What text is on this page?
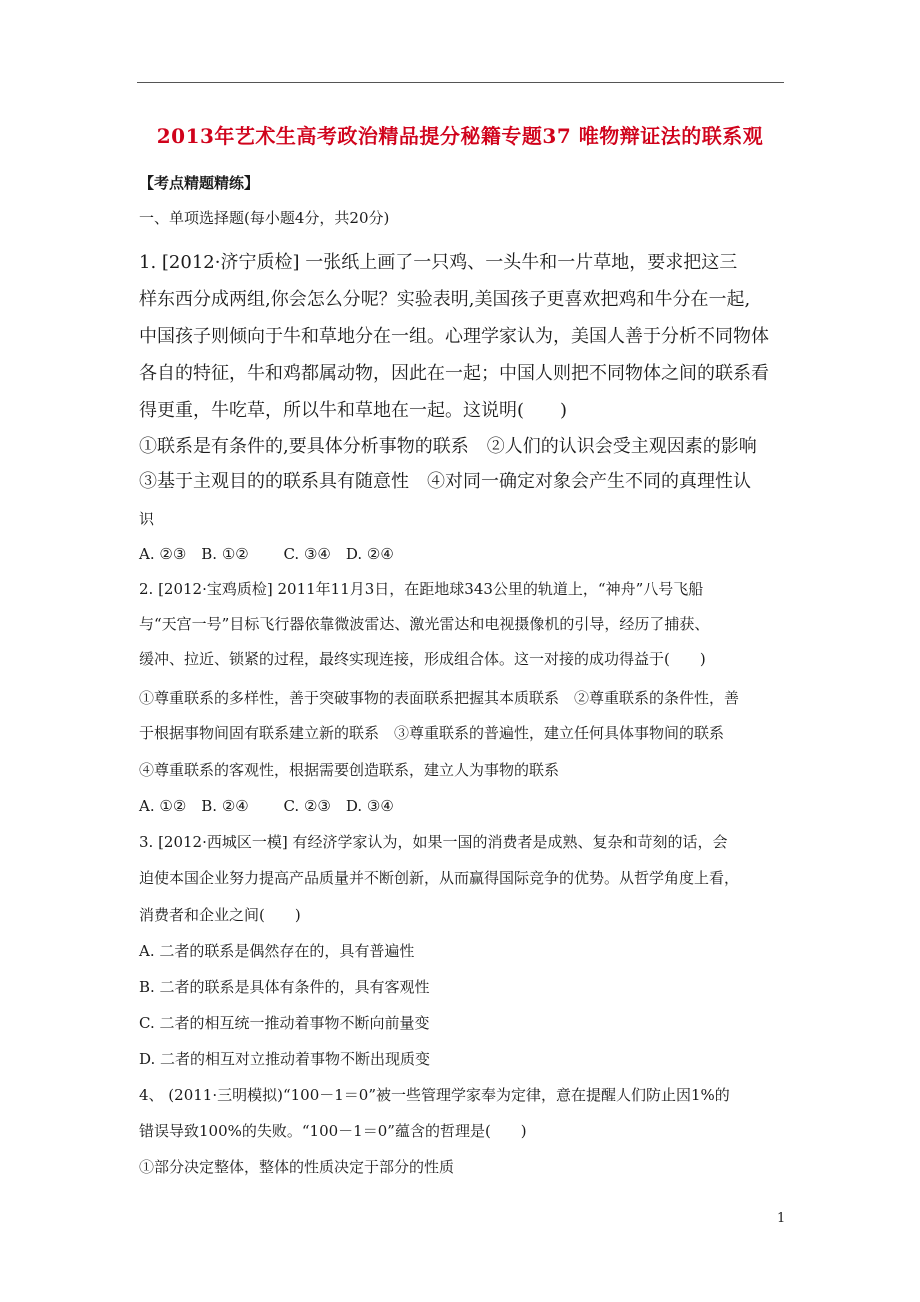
2013年艺术生高考政治精品提分秘籍专题37 唯物辩证法的联系观
【考点精题精练】
一、单项选择题(每小题4分，共20分)
1. [2012·济宁质检] 一张纸上画了一只鸡、一头牛和一片草地，要求把这三
样东西分成两组,你会怎么分呢？实验表明,美国孩子更喜欢把鸡和牛分在一起,
中国孩子则倾向于牛和草地分在一组。心理学家认为，美国人善于分析不同物体
各自的特征，牛和鸡都属动物，因此在一起；中国人则把不同物体之间的联系看
得更重，牛吃草，所以牛和草地在一起。这说明(　　)
①联系是有条件的,要具体分析事物的联系　②人们的认识会受主观因素的影响
③基于主观目的的联系具有随意性　④对同一确定对象会产生不同的真理性认
识
A. ②③　B. ①②　　 C. ③④　D. ②④
2. [2012·宝鸡质检] 2011年11月3日，在距地球343公里的轨道上，“神舟”八号飞船
与“天宫一号”目标飞行器依靠微波雷达、激光雷达和电视摄像机的引导，经历了捕获、
缓冲、拉近、锁紧的过程，最终实现连接，形成组合体。这一对接的成功得益于(　　)
①尊重联系的多样性，善于突破事物的表面联系把握其本质联系　②尊重联系的条件性，善
于根据事物间固有联系建立新的联系　③尊重联系的普遍性，建立任何具体事物间的联系
④尊重联系的客观性，根据需要创造联系，建立人为事物的联系
A. ①②　B. ②④　　 C. ②③　D. ③④
3. [2012·西城区一模] 有经济学家认为，如果一国的消费者是成熟、复杂和苛刻的话，会
迫使本国企业努力提高产品质量并不断创新，从而赢得国际竞争的优势。从哲学角度上看，
消费者和企业之间(　　)
A. 二者的联系是偶然存在的，具有普遍性
B. 二者的联系是具体有条件的，具有客观性
C. 二者的相互统一推动着事物不断向前量变
D. 二者的相互对立推动着事物不断出现质变
4、 (2011·三明模拟)“100－1＝0”被一些管理学家奉为定律，意在提醒人们防止因1%的
错误导致100%的失败。“100－1＝0”蕴含的哲理是(　　)
①部分决定整体，整体的性质决定于部分的性质
1
